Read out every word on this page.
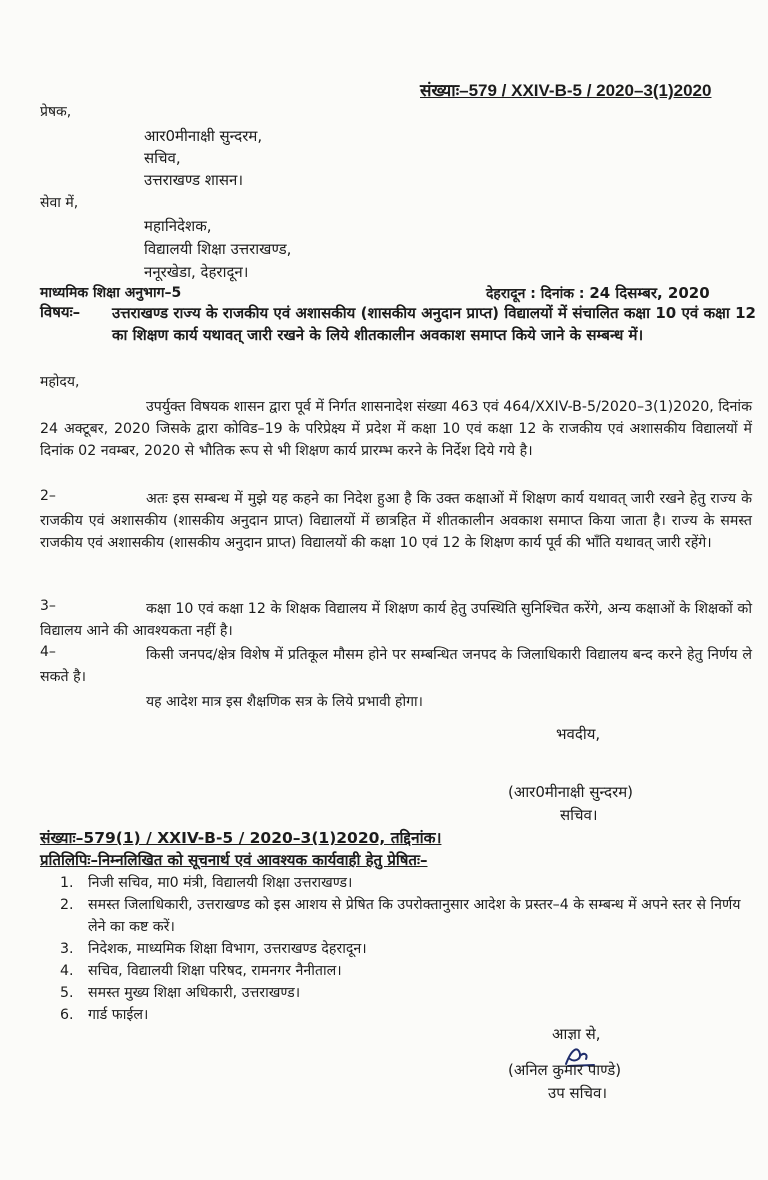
संख्याः–579 / XXIV-B-5 / 2020–3(1)2020
प्रेषक,
आर0मीनाक्षी सुन्दरम,
सचिव,
उत्तराखण्ड शासन।
सेवा में,
महानिदेशक,
विद्यालयी शिक्षा उत्तराखण्ड,
ननूरखेडा, देहरादून।
माध्यमिक शिक्षा अनुभाग–5	देहरादून : दिनांक : 24 दिसम्बर, 2020
विषयः– उत्तराखण्ड राज्य के राजकीय एवं अशासकीय (शासकीय अनुदान प्राप्त) विद्यालयों में संचालित कक्षा 10 एवं कक्षा 12 का शिक्षण कार्य यथावत् जारी रखने के लिये शीतकालीन अवकाश समाप्त किये जाने के सम्बन्ध में।
महोदय,
उपर्युक्त विषयक शासन द्वारा पूर्व में निर्गत शासनादेश संख्या 463 एवं 464/XXIV-B-5/2020–3(1)2020, दिनांक 24 अक्टूबर, 2020 जिसके द्वारा कोविड–19 के परिप्रेक्ष्य में प्रदेश में कक्षा 10 एवं कक्षा 12 के राजकीय एवं अशासकीय विद्यालयों में दिनांक 02 नवम्बर, 2020 से भौतिक रूप से भी शिक्षण कार्य प्रारम्भ करने के निर्देश दिये गये है।
2–	अतः इस सम्बन्ध में मुझे यह कहने का निदेश हुआ है कि उक्त कक्षाओं में शिक्षण कार्य यथावत् जारी रखने हेतु राज्य के राजकीय एवं अशासकीय (शासकीय अनुदान प्राप्त) विद्यालयों में छात्रहित में शीतकालीन अवकाश समाप्त किया जाता है। राज्य के समस्त राजकीय एवं अशासकीय (शासकीय अनुदान प्राप्त) विद्यालयों की कक्षा 10 एवं 12 के शिक्षण कार्य पूर्व की भाँति यथावत् जारी रहेंगे।
3–	कक्षा 10 एवं कक्षा 12 के शिक्षक विद्यालय में शिक्षण कार्य हेतु उपस्थिति सुनिश्चित करेंगे, अन्य कक्षाओं के शिक्षकों को विद्यालय आने की आवश्यकता नहीं है।
4–	किसी जनपद/क्षेत्र विशेष में प्रतिकूल मौसम होने पर सम्बन्धित जनपद के जिलाधिकारी विद्यालय बन्द करने हेतु निर्णय ले सकते है।
यह आदेश मात्र इस शैक्षणिक सत्र के लिये प्रभावी होगा।
भवदीय,
(आर0मीनाक्षी सुन्दरम)
सचिव।
संख्याः–579(1) / XXIV-B-5 / 2020–3(1)2020, तद्दिनांक।
प्रतिलिपिः–निम्नलिखित को सूचनार्थ एवं आवश्यक कार्यवाही हेतु प्रेषितः–
1. निजी सचिव, मा0 मंत्री, विद्यालयी शिक्षा उत्तराखण्ड।
2. समस्त जिलाधिकारी, उत्तराखण्ड को इस आशय से प्रेषित कि उपरोक्तानुसार आदेश के प्रस्तर–4 के सम्बन्ध में अपने स्तर से निर्णय लेने का कष्ट करें।
3. निदेशक, माध्यमिक शिक्षा विभाग, उत्तराखण्ड देहरादून।
4. सचिव, विद्यालयी शिक्षा परिषद, रामनगर नैनीताल।
5. समस्त मुख्य शिक्षा अधिकारी, उत्तराखण्ड।
6. गार्ड फाईल।
आज्ञा से,
(अनिल कुमार पाण्डे)
उप सचिव।
